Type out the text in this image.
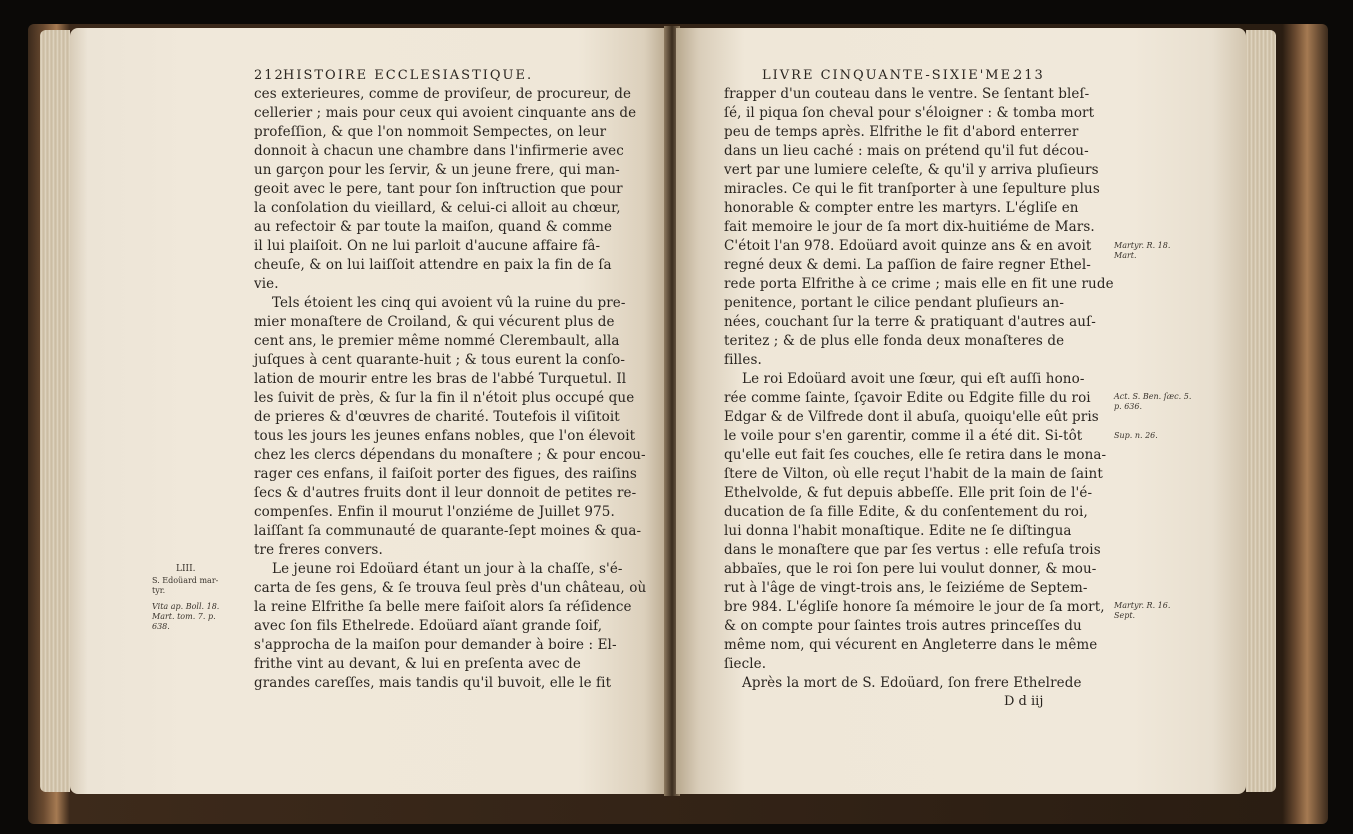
212
HISTOIRE ECCLESIASTIQUE.
ces exterieures, comme de proviſeur, de procureur, de
cellerier ; mais pour ceux qui avoient cinquante ans de
profeſſion, & que l'on nommoit Sempectes, on leur
donnoit à chacun une chambre dans l'infirmerie avec
un garçon pour les ſervir, & un jeune frere, qui man-
geoit avec le pere, tant pour ſon inſtruction que pour
la conſolation du vieillard, & celui-ci alloit au chœur,
au refectoir & par toute la maiſon, quand & comme
il lui plaiſoit. On ne lui parloit d'aucune affaire fâ-
cheuſe, & on lui laiſſoit attendre en paix la fin de ſa
vie.
Tels étoient les cinq qui avoient vû la ruine du pre-
mier monaſtere de Croiland, & qui vécurent plus de
cent ans, le premier même nommé Clerembault, alla
juſques à cent quarante-huit ; & tous eurent la conſo-
lation de mourir entre les bras de l'abbé Turquetul. Il
les ſuivit de près, & ſur la fin il n'étoit plus occupé que
de prieres & d'œuvres de charité. Toutefois il viſitoit
tous les jours les jeunes enfans nobles, que l'on élevoit
chez les clercs dépendans du monaſtere ; & pour encou-
rager ces enfans, il faiſoit porter des figues, des raiſins
ſecs & d'autres fruits dont il leur donnoit de petites re-
compenſes. Enfin il mourut l'onziéme de Juillet 975.
laiſſant ſa communauté de quarante-ſept moines & qua-
tre freres convers.
Le jeune roi Edoüard étant un jour à la chaſſe, s'é-
carta de ſes gens, & ſe trouva ſeul près d'un château, où
la reine Elfrithe ſa belle mere faiſoit alors ſa réſidence
avec ſon fils Ethelrede. Edoüard aïant grande ſoif,
s'approcha de la maiſon pour demander à boire : El-
frithe vint au devant, & lui en preſenta avec de
grandes careſſes, mais tandis qu'il buvoit, elle le fit
LIII.
S. Edoüard mar-
tyr.
Vita ap. Boll. 18.
Mart. tom. 7. p.
638.
LIVRE CINQUANTE-SIXIE'ME.
213
frapper d'un couteau dans le ventre. Se ſentant bleſ-
ſé, il piqua ſon cheval pour s'éloigner : & tomba mort
peu de temps après. Elfrithe le fit d'abord enterrer
dans un lieu caché : mais on prétend qu'il fut décou-
vert par une lumiere celeſte, & qu'il y arriva pluſieurs
miracles. Ce qui le fit tranſporter à une ſepulture plus
honorable & compter entre les martyrs. L'égliſe en
fait memoire le jour de ſa mort dix-huitiéme de Mars.
C'étoit l'an 978. Edoüard avoit quinze ans & en avoit
regné deux & demi. La paſſion de faire regner Ethel-
rede porta Elfrithe à ce crime ; mais elle en fit une rude
penitence, portant le cilice pendant pluſieurs an-
nées, couchant ſur la terre & pratiquant d'autres auſ-
teritez ; & de plus elle fonda deux monaſteres de
filles.
Le roi Edoüard avoit une ſœur, qui eſt auſſi hono-
rée comme ſainte, ſçavoir Edite ou Edgite fille du roi
Edgar & de Vilfrede dont il abuſa, quoiqu'elle eût pris
le voile pour s'en garentir, comme il a été dit. Si-tôt
qu'elle eut fait ſes couches, elle ſe retira dans le mona-
ſtere de Vilton, où elle reçut l'habit de la main de ſaint
Ethelvolde, & fut depuis abbeſſe. Elle prit ſoin de l'é-
ducation de ſa fille Edite, & du conſentement du roi,
lui donna l'habit monaſtique. Edite ne ſe diſtingua
dans le monaſtere que par ſes vertus : elle refuſa trois
abbaïes, que le roi ſon pere lui voulut donner, & mou-
rut à l'âge de vingt-trois ans, le ſeiziéme de Septem-
bre 984. L'égliſe honore ſa mémoire le jour de ſa mort,
& on compte pour ſaintes trois autres princeſſes du
même nom, qui vécurent en Angleterre dans le même
ſiecle.
Après la mort de S. Edoüard, ſon frere Ethelrede
D d iij
Martyr. R. 18.
Mart.
Act. S. Ben. ſæc. 5.
p. 636.
Sup. n. 26.
Martyr. R. 16.
Sept.
